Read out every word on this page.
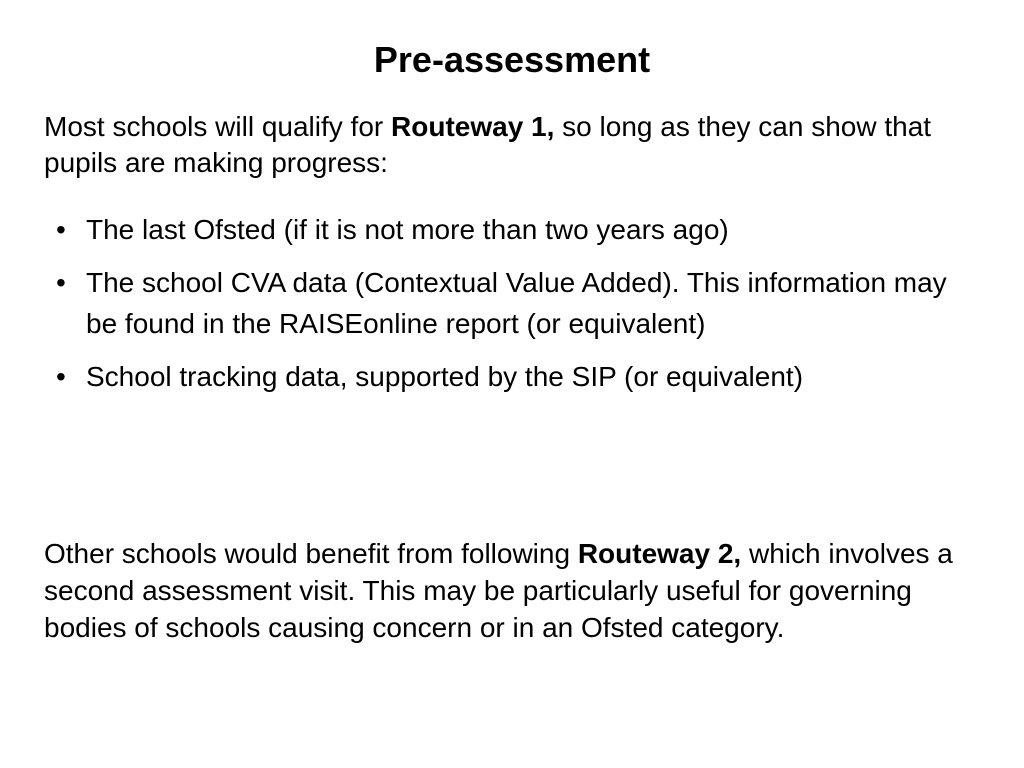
Pre-assessment
Most schools will qualify for Routeway 1, so long as they can show that pupils are making progress:
• The last Ofsted (if it is not more than two years ago)
• The school CVA data (Contextual Value Added). This information may be found in the RAISEonline report (or equivalent)
• School tracking data, supported by the SIP (or equivalent)
Other schools would benefit from following Routeway 2, which involves a second assessment visit. This may be particularly useful for governing bodies of schools causing concern or in an Ofsted category.
